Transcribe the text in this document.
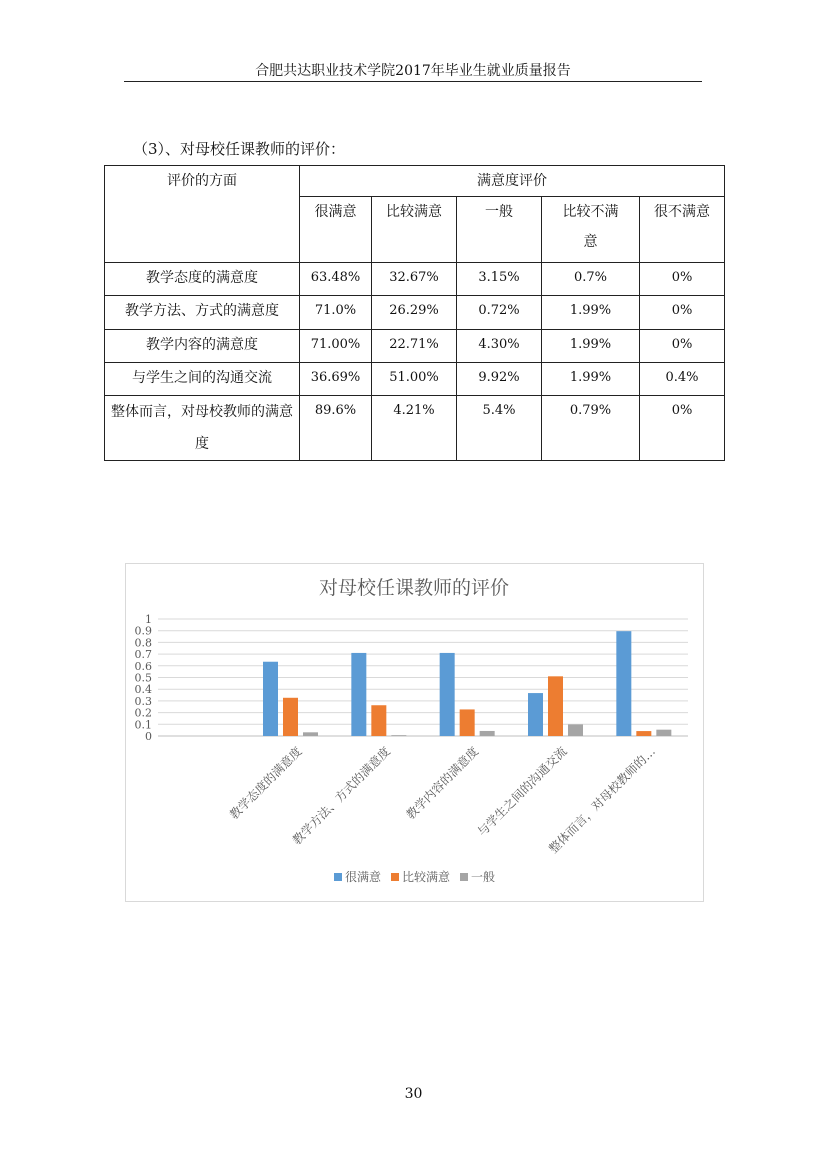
合肥共达职业技术学院2017年毕业生就业质量报告
（3）、对母校任课教师的评价：
评价的方面	满意度评价				
	很满意	比较满意	一般	比较不满意	很不满意
教学态度的满意度	63.48%	32.67%	3.15%	0.7%	0%
教学方法、方式的满意度	71.0%	26.29%	0.72%	1.99%	0%
教学内容的满意度	71.00%	22.71%	4.30%	1.99%	0%
与学生之间的沟通交流	36.69%	51.00%	9.92%	1.99%	0.4%
整体而言，对母校教师的满意度	89.6%	4.21%	5.4%	0.79%	0%
对母校任课教师的评价
0
0.1
0.2
0.3
0.4
0.5
0.6
0.7
0.8
0.9
1
教学态度的满意度
教学方法、方式的满意度 教学内容的满意度
与学生之间的沟通交流
整体而言，对母校教师的…
很满意 比较满意 一般
30
